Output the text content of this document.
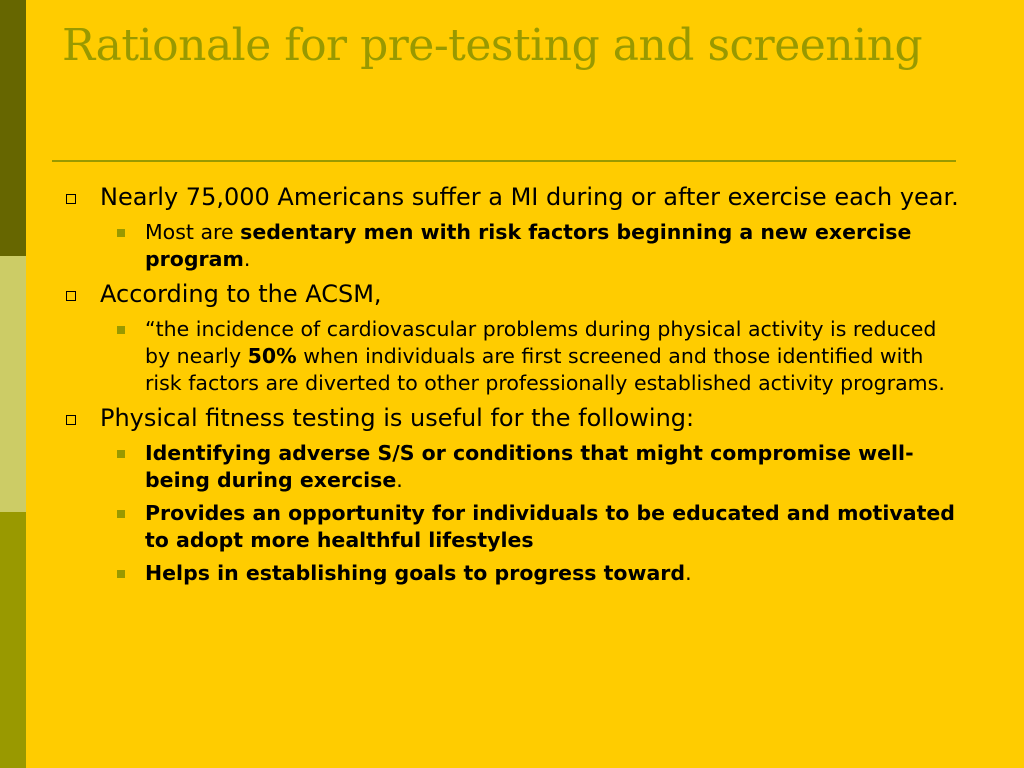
Rationale for pre-testing and screening
Nearly 75,000 Americans suffer a MI during or after exercise each year.
Most are sedentary men with risk factors beginning a new exercise program.
According to the ACSM,
“the incidence of cardiovascular problems during physical activity is reduced by nearly 50% when individuals are first screened and those identified with risk factors are diverted to other professionally established activity programs.
Physical fitness testing is useful for the following:
Identifying adverse S/S or conditions that might compromise well-being during exercise.
Provides an opportunity for individuals to be educated and motivated to adopt more healthful lifestyles
Helps in establishing goals to progress toward.
